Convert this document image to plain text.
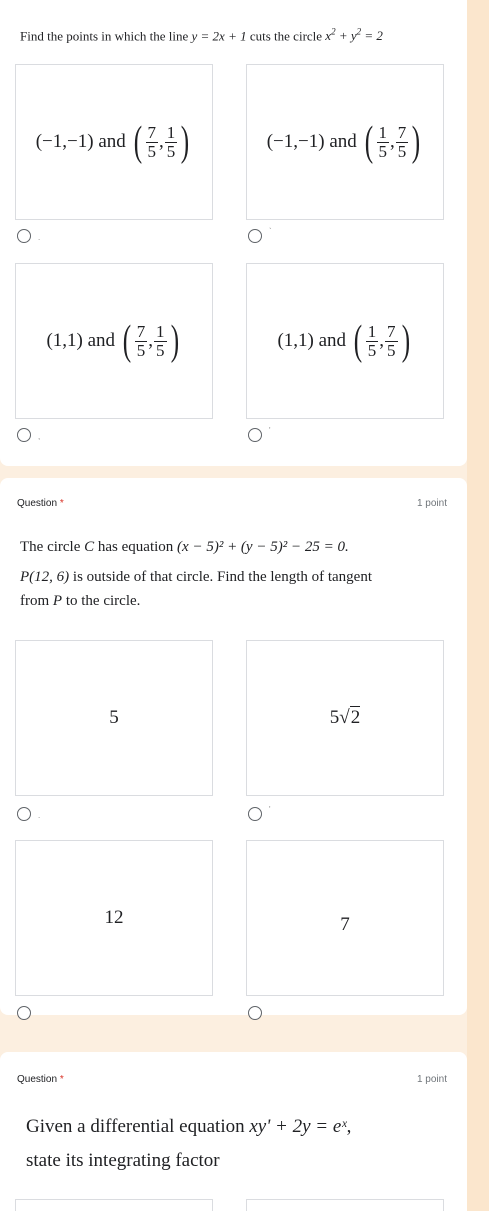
Find the points in which the line y = 2x + 1 cuts the circle $x^2 + y^2 = 2$
(−1,−1)
and
( $\frac{7}{5}$ , $\frac{1}{5}$ )
.
(−1,−1)
and
( $\frac{1}{5}$ , $\frac{7}{5}$ )
`
(1,1)
and
( $\frac{7}{5}$ , $\frac{1}{5}$ )
,
(1,1)
and
( $\frac{1}{5}$ , $\frac{7}{5}$ )
'
Question *	1 point
The circle C has equation (x − 5)² + (y − 5)² − 25 = 0.
P(12, 6) is outside of that circle. Find the length of tangent
from P to the circle.
5
.
5√2
'
12	7
Question *	1 point
Given a differential equation xy' + 2y = eˣ,
state its integrating factor
